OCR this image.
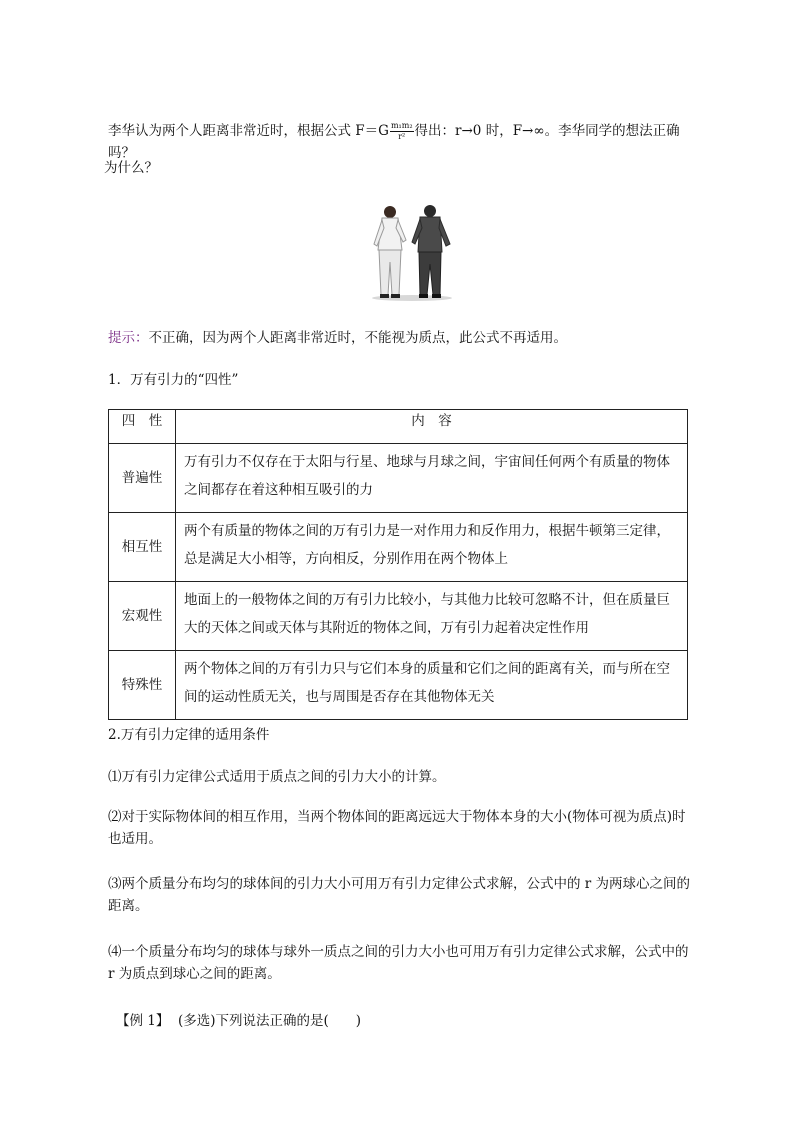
李华认为两个人距离非常近时，根据公式 $F=G \frac{\text{m₁m₂}}{\text{r²}}$ 得出：r→0 时，F→∞。李华同学的想法正确吗？
为什么？
提示：不正确，因为两个人距离非常近时，不能视为质点，此公式不再适用。
1．万有引力的“四性”
四　性	内　容
普遍性	万有引力不仅存在于太阳与行星、地球与月球之间，宇宙间任何两个有质量的物体之间都存在着这种相互吸引的力
相互性	两个有质量的物体之间的万有引力是一对作用力和反作用力，根据牛顿第三定律，总是满足大小相等，方向相反，分别作用在两个物体上
宏观性	地面上的一般物体之间的万有引力比较小，与其他力比较可忽略不计，但在质量巨大的天体之间或天体与其附近的物体之间，万有引力起着决定性作用
特殊性	两个物体之间的万有引力只与它们本身的质量和它们之间的距离有关，而与所在空间的运动性质无关，也与周围是否存在其他物体无关
2.万有引力定律的适用条件
⑴万有引力定律公式适用于质点之间的引力大小的计算。
⑵对于实际物体间的相互作用，当两个物体间的距离远远大于物体本身的大小(物体可视为质点)时也适用。
⑶两个质量分布均匀的球体间的引力大小可用万有引力定律公式求解，公式中的 r 为两球心之间的距离。
⑷一个质量分布均匀的球体与球外一质点之间的引力大小也可用万有引力定律公式求解，公式中的 r 为质点到球心之间的距离。
【例 1】 (多选)下列说法正确的是(　　)
